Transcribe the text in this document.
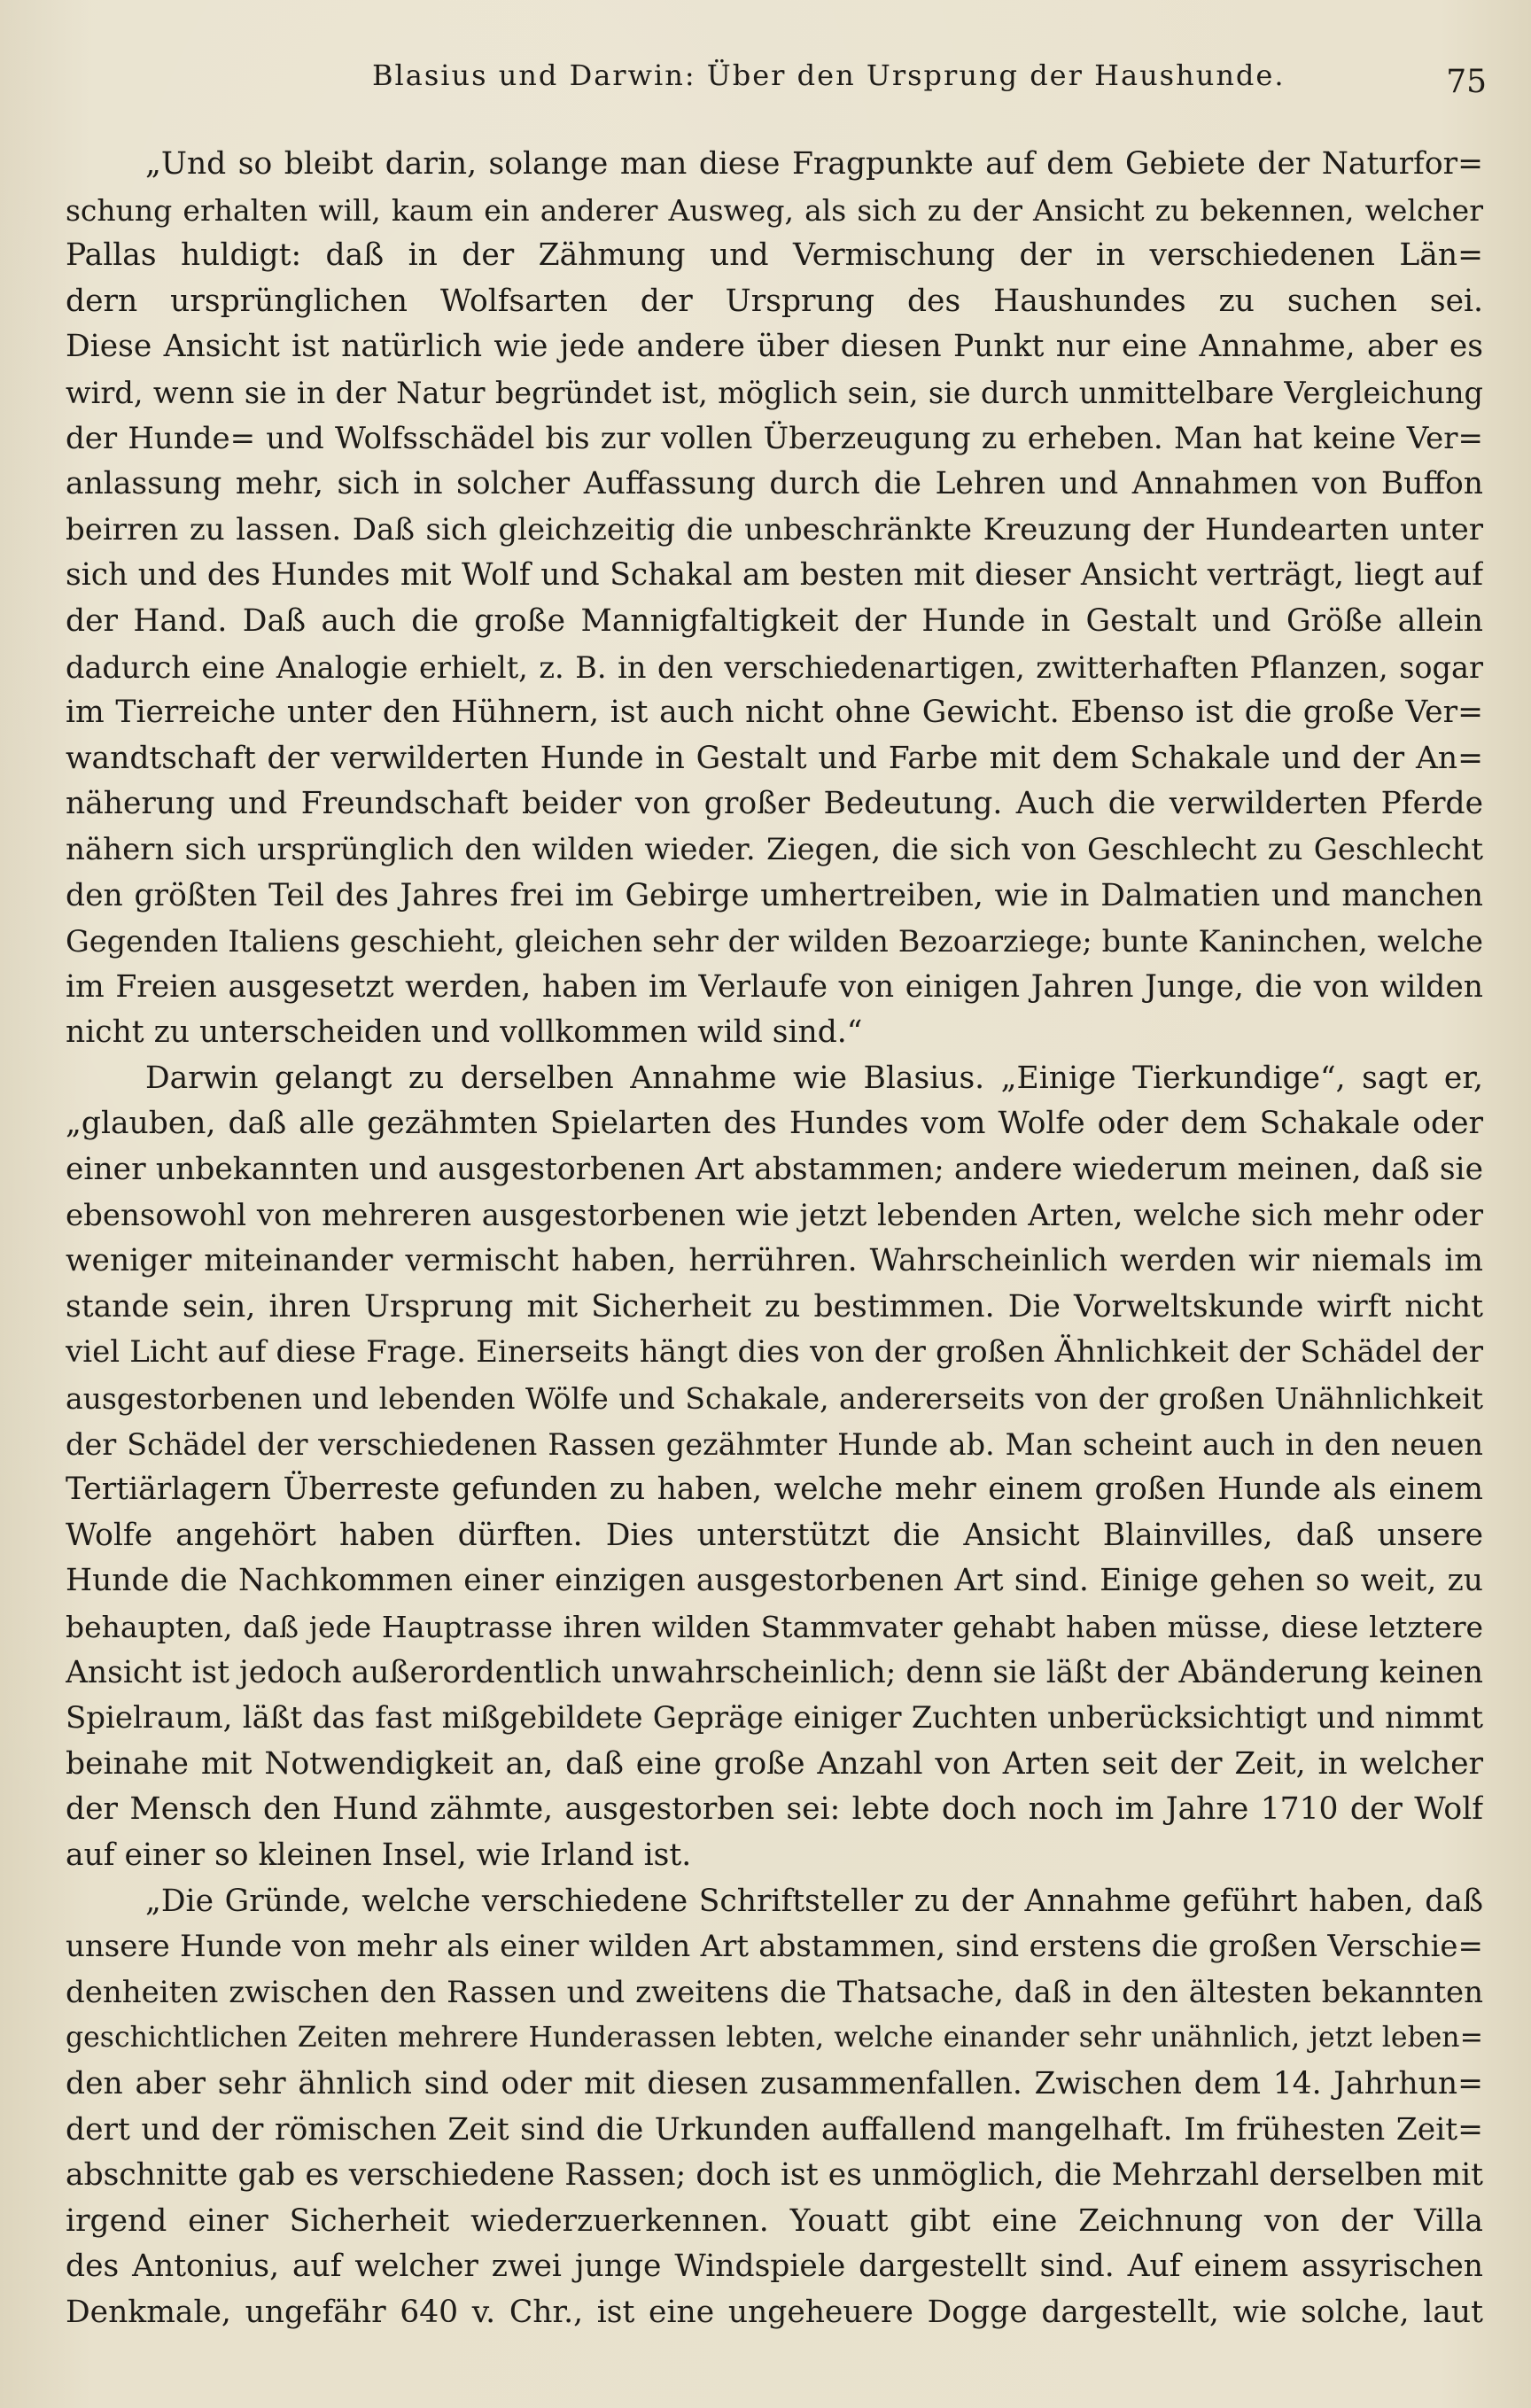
Blasius und Darwin: Über den Ursprung der Haushunde.	75
„Und so bleibt darin, solange man diese Fragpunkte auf dem Gebiete der Naturfor=
schung erhalten will, kaum ein anderer Ausweg, als sich zu der Ansicht zu bekennen, welcher
Pallas huldigt: daß in der Zähmung und Vermischung der in verschiedenen Län=
dern ursprünglichen Wolfsarten der Ursprung des Haushundes zu suchen sei.
Diese Ansicht ist natürlich wie jede andere über diesen Punkt nur eine Annahme, aber es
wird, wenn sie in der Natur begründet ist, möglich sein, sie durch unmittelbare Vergleichung
der Hunde= und Wolfsschädel bis zur vollen Überzeugung zu erheben. Man hat keine Ver=
anlassung mehr, sich in solcher Auffassung durch die Lehren und Annahmen von Buffon
beirren zu lassen. Daß sich gleichzeitig die unbeschränkte Kreuzung der Hundearten unter
sich und des Hundes mit Wolf und Schakal am besten mit dieser Ansicht verträgt, liegt auf
der Hand. Daß auch die große Mannigfaltigkeit der Hunde in Gestalt und Größe allein
dadurch eine Analogie erhielt, z. B. in den verschiedenartigen, zwitterhaften Pflanzen, sogar
im Tierreiche unter den Hühnern, ist auch nicht ohne Gewicht. Ebenso ist die große Ver=
wandtschaft der verwilderten Hunde in Gestalt und Farbe mit dem Schakale und der An=
näherung und Freundschaft beider von großer Bedeutung. Auch die verwilderten Pferde
nähern sich ursprünglich den wilden wieder. Ziegen, die sich von Geschlecht zu Geschlecht
den größten Teil des Jahres frei im Gebirge umhertreiben, wie in Dalmatien und manchen
Gegenden Italiens geschieht, gleichen sehr der wilden Bezoarziege; bunte Kaninchen, welche
im Freien ausgesetzt werden, haben im Verlaufe von einigen Jahren Junge, die von wilden
nicht zu unterscheiden und vollkommen wild sind.“
Darwin gelangt zu derselben Annahme wie Blasius. „Einige Tierkundige“, sagt er,
„glauben, daß alle gezähmten Spielarten des Hundes vom Wolfe oder dem Schakale oder
einer unbekannten und ausgestorbenen Art abstammen; andere wiederum meinen, daß sie
ebensowohl von mehreren ausgestorbenen wie jetzt lebenden Arten, welche sich mehr oder
weniger miteinander vermischt haben, herrühren. Wahrscheinlich werden wir niemals im
stande sein, ihren Ursprung mit Sicherheit zu bestimmen. Die Vorweltskunde wirft nicht
viel Licht auf diese Frage. Einerseits hängt dies von der großen Ähnlichkeit der Schädel der
ausgestorbenen und lebenden Wölfe und Schakale, andererseits von der großen Unähnlichkeit
der Schädel der verschiedenen Rassen gezähmter Hunde ab. Man scheint auch in den neuen
Tertiärlagern Überreste gefunden zu haben, welche mehr einem großen Hunde als einem
Wolfe angehört haben dürften. Dies unterstützt die Ansicht Blainvilles, daß unsere
Hunde die Nachkommen einer einzigen ausgestorbenen Art sind. Einige gehen so weit, zu
behaupten, daß jede Hauptrasse ihren wilden Stammvater gehabt haben müsse, diese letztere
Ansicht ist jedoch außerordentlich unwahrscheinlich; denn sie läßt der Abänderung keinen
Spielraum, läßt das fast mißgebildete Gepräge einiger Zuchten unberücksichtigt und nimmt
beinahe mit Notwendigkeit an, daß eine große Anzahl von Arten seit der Zeit, in welcher
der Mensch den Hund zähmte, ausgestorben sei: lebte doch noch im Jahre 1710 der Wolf
auf einer so kleinen Insel, wie Irland ist.
„Die Gründe, welche verschiedene Schriftsteller zu der Annahme geführt haben, daß
unsere Hunde von mehr als einer wilden Art abstammen, sind erstens die großen Verschie=
denheiten zwischen den Rassen und zweitens die Thatsache, daß in den ältesten bekannten
geschichtlichen Zeiten mehrere Hunderassen lebten, welche einander sehr unähnlich, jetzt leben=
den aber sehr ähnlich sind oder mit diesen zusammenfallen. Zwischen dem 14. Jahrhun=
dert und der römischen Zeit sind die Urkunden auffallend mangelhaft. Im frühesten Zeit=
abschnitte gab es verschiedene Rassen; doch ist es unmöglich, die Mehrzahl derselben mit
irgend einer Sicherheit wiederzuerkennen. Youatt gibt eine Zeichnung von der Villa
des Antonius, auf welcher zwei junge Windspiele dargestellt sind. Auf einem assyrischen
Denkmale, ungefähr 640 v. Chr., ist eine ungeheuere Dogge dargestellt, wie solche, laut
